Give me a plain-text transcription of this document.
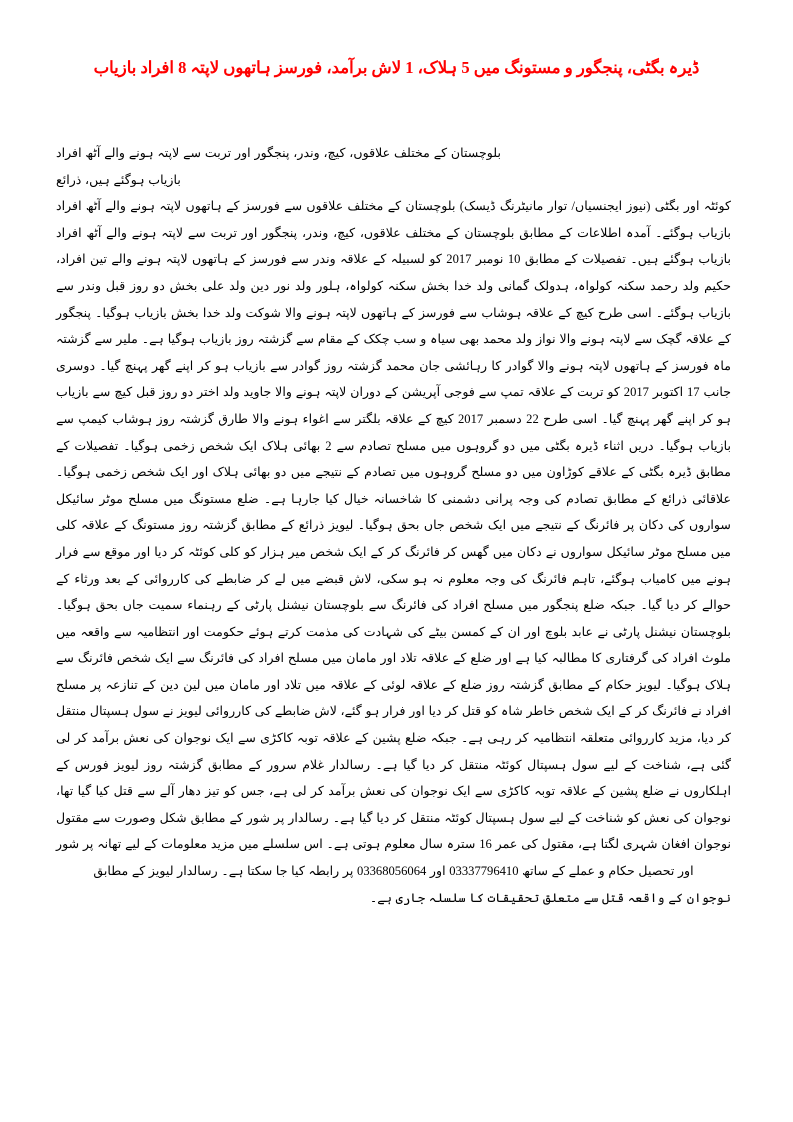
ڈیرہ بگٹی، پنجگور و مستونگ میں 5 ہلاک، 1 لاش برآمد، فورسز ہاتھوں لاپتہ 8 افراد بازیاب

بلوچستان کے مختلف علاقوں، کیچ، وندر، پنجگور اور تربت سے لاپتہ ہونے والے آٹھ افراد بازیاب ہوگئے ہیں، ذرائع
کوئٹہ اور بگٹی (نیوز ایجنسیاں/ توار مانیٹرنگ ڈیسک) بلوچستان کے مختلف علاقوں سے فورسز کے ہاتھوں لاپتہ ہونے والے آٹھ افراد بازیاب ہوگئے۔ آمدہ اطلاعات کے مطابق بلوچستان کے مختلف علاقوں، کیچ، وندر، پنجگور اور تربت سے لاپتہ ہونے والے آٹھ افراد بازیاب ہوگئے ہیں۔ تفصیلات کے مطابق 10 نومبر 2017 کو لسبیلہ کے علاقہ وندر سے فورسز کے ہاتھوں لاپتہ ہونے والے تین افراد، حکیم ولد رحمد سکنہ کولواہ، ہدولک گمانی ولد خدا بخش سکنہ کولواہ، ہلور ولد نور دین ولد علی بخش دو روز قبل وندر سے بازیاب ہوگئے۔ اسی طرح کیچ کے علاقہ ہوشاب سے فورسز کے ہاتھوں لاپتہ ہونے والا شوکت ولد خدا بخش بازیاب ہوگیا۔ پنجگور کے علاقہ گچک سے لاپتہ ہونے والا نواز ولد محمد بھی سیاہ و سب چکک کے مقام سے گزشتہ روز بازیاب ہوگیا ہے۔ ملیر سے گزشتہ ماہ فورسز کے ہاتھوں لاپتہ ہونے والا گوادر کا رہائشی جان محمد گزشتہ روز گوادر سے بازیاب ہو کر اپنے گھر پہنچ گیا۔ دوسری جانب 17 اکتوبر 2017 کو تربت کے علاقہ تمپ سے فوجی آپریشن کے دوران لاپتہ ہونے والا جاوید ولد اختر دو روز قبل کیچ سے بازیاب ہو کر اپنے گھر پہنچ گیا۔ اسی طرح 22 دسمبر 2017 کیچ کے علاقہ بلگتر سے اغواء ہونے والا طارق گزشتہ روز ہوشاب کیمپ سے بازیاب ہوگیا۔ دریں اثناء ڈیرہ بگٹی میں دو گروہوں میں مسلح تصادم سے 2 بھائی ہلاک ایک شخص زخمی ہوگیا۔ تفصیلات کے مطابق ڈیرہ بگٹی کے علاقے کوڑاون میں دو مسلح گروہوں میں تصادم کے نتیجے میں دو بھائی ہلاک اور ایک شخص زخمی ہوگیا۔ علاقائی ذرائع کے مطابق تصادم کی وجہ پرانی دشمنی کا شاخسانہ خیال کیا جارہا ہے۔ ضلع مستونگ میں مسلح موٹر سائیکل سواروں کی دکان پر فائرنگ کے نتیجے میں ایک شخص جاں بحق ہوگیا۔ لیویز ذرائع کے مطابق گزشتہ روز مستونگ کے علاقہ کلی میں مسلح موٹر سائیکل سواروں نے دکان میں گھس کر فائرنگ کر کے ایک شخص میر ہزار کو کلی کوئٹہ کر دیا اور موقع سے فرار ہونے میں کامیاب ہوگئے، تاہم فائرنگ کی وجہ معلوم نہ ہو سکی، لاش قبضے میں لے کر ضابطے کی کارروائی کے بعد ورثاء کے حوالے کر دیا گیا۔ جبکہ ضلع پنجگور میں مسلح افراد کی فائرنگ سے بلوچستان نیشنل پارٹی کے رہنماء سمیت جاں بحق ہوگیا۔ بلوچستان نیشنل پارٹی نے عابد بلوچ اور ان کے کمسن بیٹے کی شہادت کی مذمت کرتے ہوئے حکومت اور انتظامیہ سے واقعہ میں ملوث افراد کی گرفتاری کا مطالبہ کیا ہے اور ضلع کے علاقہ تلاد اور مامان میں مسلح افراد کی فائرنگ سے ایک شخص فائرنگ سے ہلاک ہوگیا۔ لیویز حکام کے مطابق گزشتہ روز ضلع کے علاقہ لوئی کے علاقہ میں تلاد اور مامان میں لین دین کے تنازعہ پر مسلح افراد نے فائرنگ کر کے ایک شخص خاطر شاہ کو قتل کر دیا اور فرار ہو گئے، لاش ضابطے کی کارروائی لیویز نے سول ہسپتال منتقل کر دیا، مزید کارروائی متعلقہ انتظامیہ کر رہی ہے۔ جبکہ ضلع پشین کے علاقہ توبہ کاکڑی سے ایک نوجوان کی نعش برآمد کر لی گئی ہے، شناخت کے لیے سول ہسپتال کوئٹہ منتقل کر دیا گیا ہے۔ رسالدار غلام سرور کے مطابق گزشتہ روز لیویز فورس کے اہلکاروں نے ضلع پشین کے علاقہ توبہ کاکڑی سے ایک نوجوان کی نعش برآمد کر لی ہے، جس کو تیز دھار آلے سے قتل کیا گیا تھا، نوجوان کی نعش کو شناخت کے لیے سول ہسپتال کوئٹہ منتقل کر دیا گیا ہے۔ رسالدار پر شور کے مطابق شکل وصورت سے مقتول نوجوان افغان شہری لگتا ہے، مقتول کی عمر 16 سترہ سال معلوم ہوتی ہے۔ اس سلسلے میں مزید معلومات کے لیے تھانہ پر شور اور تحصیل حکام و عملے کے ساتھ 03337796410 اور 03368056064 پر رابطہ کیا جا سکتا ہے۔ رسالدار لیویز کے مطابق
نوجوان کے واقعہ قتل سے متعلق تحقیقات کا سلسلہ جاری ہے۔
